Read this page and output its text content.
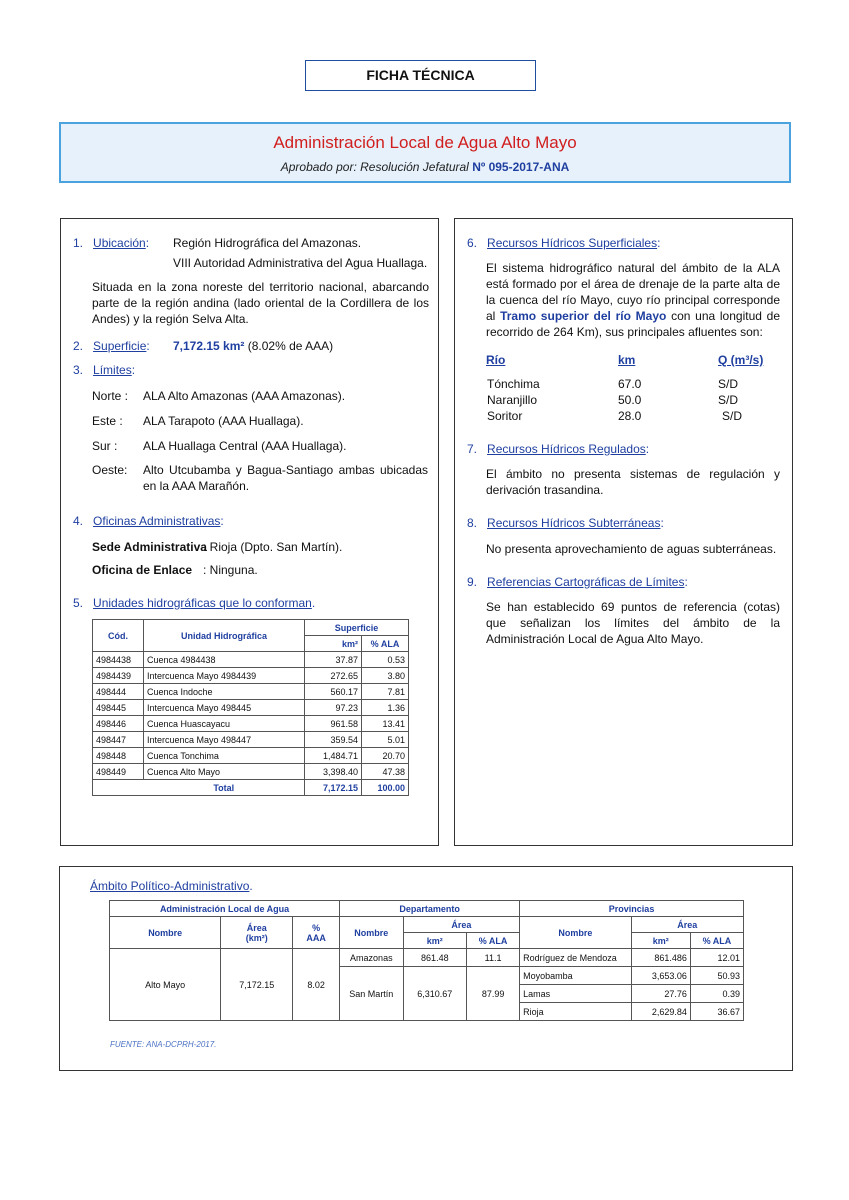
FICHA TÉCNICA
Administración Local de Agua Alto Mayo
Aprobado por: Resolución Jefatural Nº 095-2017-ANA
1. Ubicación: Región Hidrográfica del Amazonas.
VIII Autoridad Administrativa del Agua Huallaga.
Situada en la zona noreste del territorio nacional, abarcando parte de la región andina (lado oriental de la Cordillera de los Andes) y la región Selva Alta.
2. Superficie: 7,172.15 km² (8.02% de AAA)
3. Límites:
Norte : ALA Alto Amazonas (AAA Amazonas).
Este : ALA Tarapoto (AAA Huallaga).
Sur : ALA Huallaga Central (AAA Huallaga).
Oeste: Alto Utcubamba y Bagua-Santiago ambas ubicadas en la AAA Marañón.
4. Oficinas Administrativas:
Sede Administrativa
: Rioja (Dpto. San Martín).
Oficina de Enlace : Ninguna.
5. Unidades hidrográficas que lo conforman.
Cód.	Unidad Hidrográfica	Superficie	
		km²	% ALA
4984438	Cuenca 4984438	37.87	0.53
4984439	Intercuenca Mayo 4984439	272.65	3.80
498444	Cuenca Indoche	560.17	7.81
498445	Intercuenca Mayo 498445	97.23	1.36
498446	Cuenca Huascayacu	961.58	13.41
498447	Intercuenca Mayo 498447	359.54	5.01
498448	Cuenca Tonchima	1,484.71	20.70
498449	Cuenca Alto Mayo	3,398.40	47.38
	Total	7,172.15	100.00
6. Recursos Hídricos Superficiales:
El sistema hidrográfico natural del ámbito de la ALA está formado por el área de drenaje de la parte alta de la cuenca del río Mayo, cuyo río principal corresponde al Tramo superior del río Mayo con una longitud de recorrido de 264 Km), sus principales afluentes son:
Río	km	Q (m³/s)
Tónchima	67.0	S/D
Naranjillo	50.0	S/D
Soritor	28.0	S/D
7. Recursos Hídricos Regulados:
El ámbito no presenta sistemas de regulación y derivación trasandina.
8. Recursos Hídricos Subterráneas:
No presenta aprovechamiento de aguas subterráneas.
9. Referencias Cartográficas de Límites:
Se han establecido 69 puntos de referencia (cotas) que señalizan los límites del ámbito de la Administración Local de Agua Alto Mayo.
Ámbito Político-Administrativo.
Administración Local de Agua			Departamento			Provincias		
Nombre	Área
(km²)	%
AAA	Nombre	Área		Nombre	Área	
				km²	% ALA		km²	% ALA
Alto Mayo	7,172.15	8.02	Amazonas	861.48	11.1	Rodríguez de Mendoza	861.486	12.01
			San Martín	6,310.67	87.99	Moyobamba	3,653.06	50.93
						Lamas	27.76	0.39
						Rioja	2,629.84	36.67
FUENTE: ANA-DCPRH-2017.
